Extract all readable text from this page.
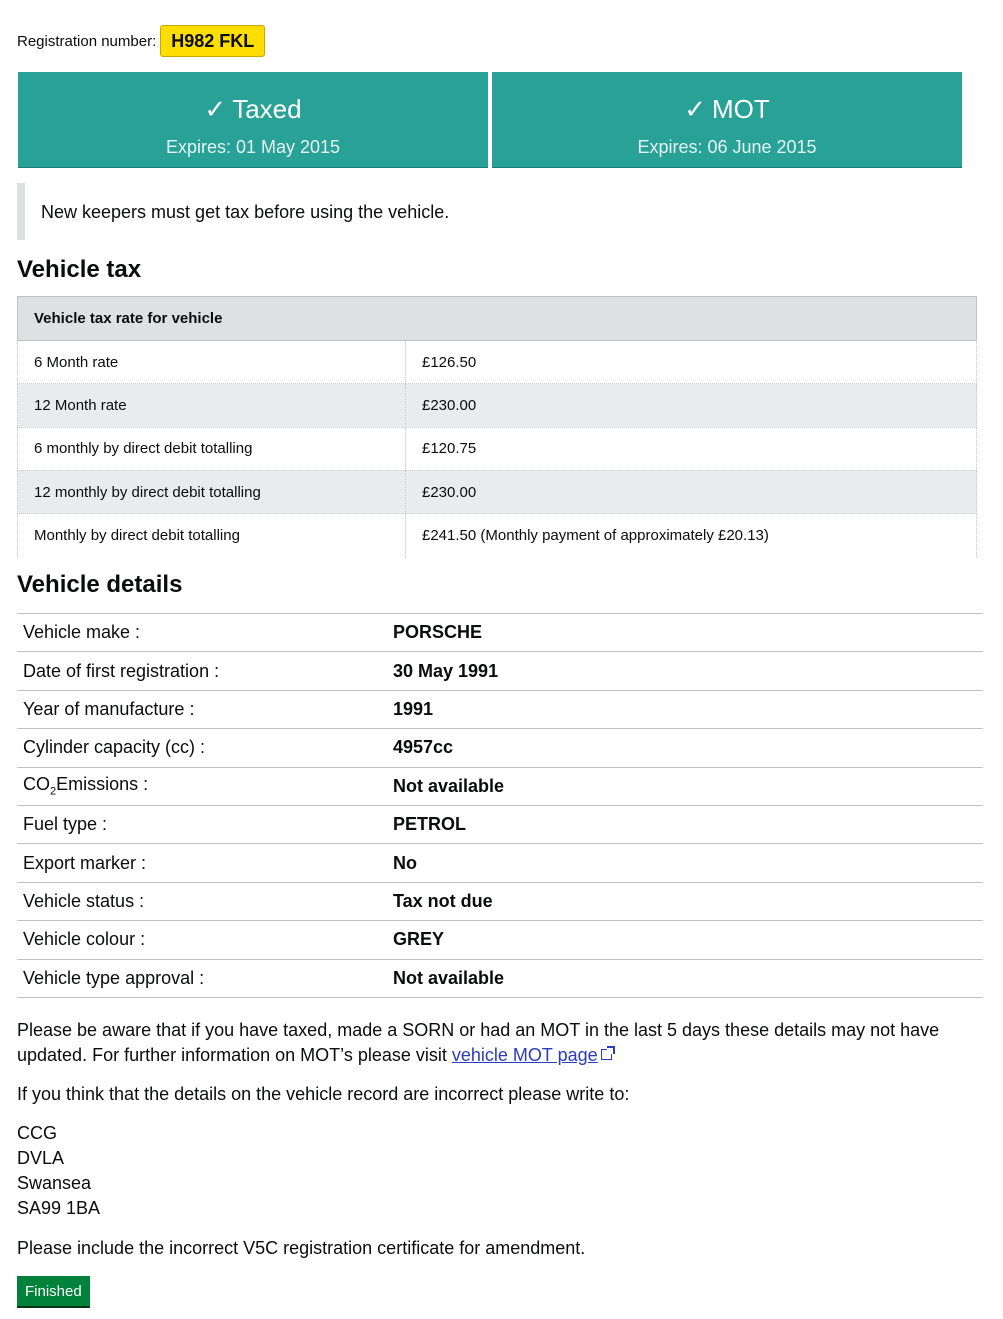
Registration number: H982 FKL
✓ Taxed
Expires: 01 May 2015
✓ MOT
Expires: 06 June 2015
New keepers must get tax before using the vehicle.
Vehicle tax
Vehicle tax rate for vehicle	
6 Month rate	£126.50
12 Month rate	£230.00
6 monthly by direct debit totalling	£120.75
12 monthly by direct debit totalling	£230.00
Monthly by direct debit totalling	£241.50 (Monthly payment of approximately £20.13)
Vehicle details
Vehicle make :	PORSCHE
Date of first registration :	30 May 1991
Year of manufacture :	1991
Cylinder capacity (cc) :	4957cc
$CO_2Emissions$ :	Not available
Fuel type :	PETROL
Export marker :	No
Vehicle status :	Tax not due
Vehicle colour :	GREY
Vehicle type approval :	Not available

Please be aware that if you have taxed, made a SORN or had an MOT in the last 5 days these details may not have updated. For further information on MOT’s please visit vehicle MOT page

If you think that the details on the vehicle record are incorrect please write to:

CCG
DVLA
Swansea
SA99 1BA

Please include the incorrect V5C registration certificate for amendment.

Finished
